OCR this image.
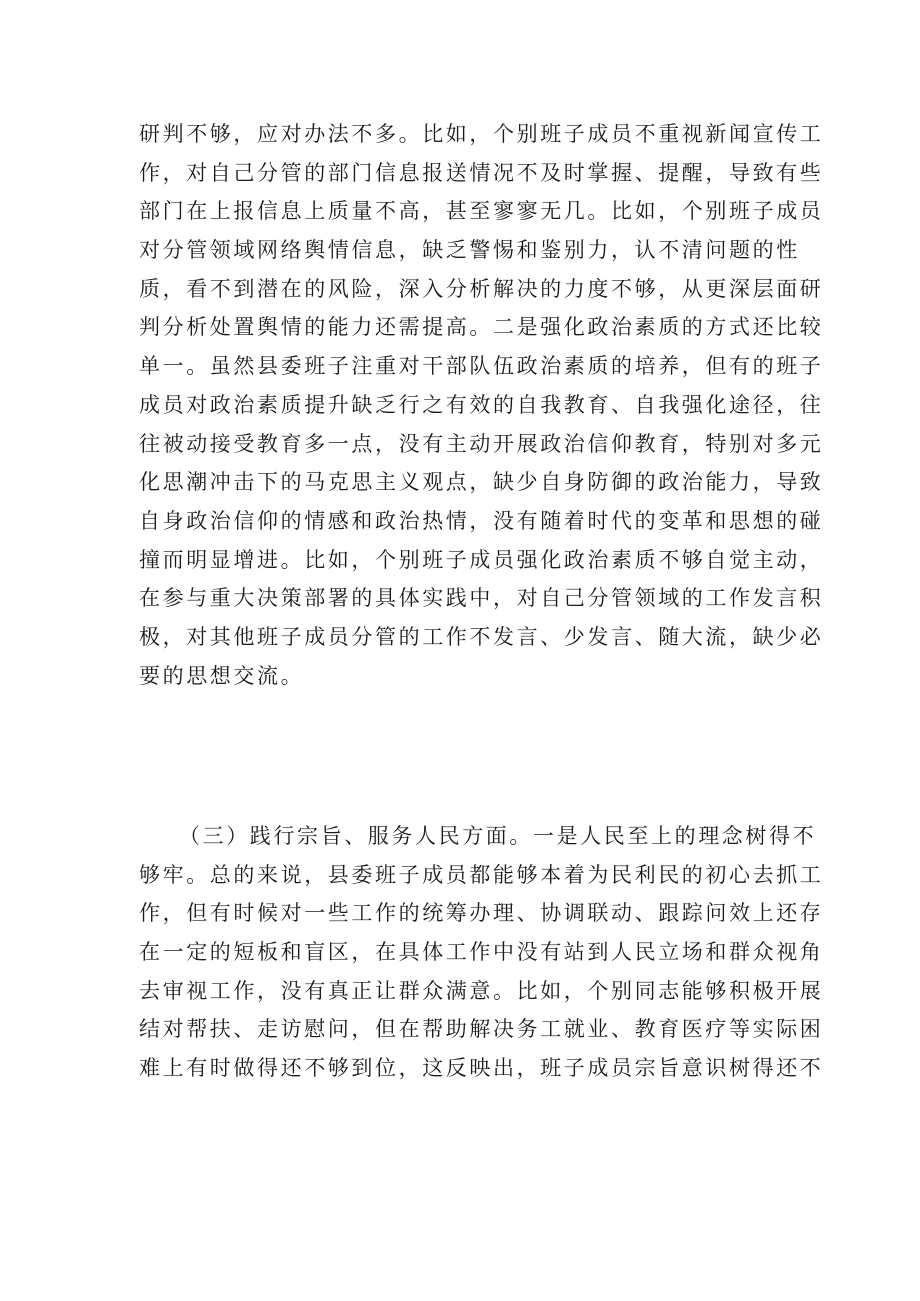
研判不够，应对办法不多。比如，个别班子成员不重视新闻宣传工
作，对自己分管的部门信息报送情况不及时掌握、提醒，导致有些
部门在上报信息上质量不高，甚至寥寥无几。比如，个别班子成员
对分管领域网络舆情信息，缺乏警惕和鉴别力，认不清问题的性
质，看不到潜在的风险，深入分析解决的力度不够，从更深层面研
判分析处置舆情的能力还需提高。二是强化政治素质的方式还比较
单一。虽然县委班子注重对干部队伍政治素质的培养，但有的班子
成员对政治素质提升缺乏行之有效的自我教育、自我强化途径，往
往被动接受教育多一点，没有主动开展政治信仰教育，特别对多元
化思潮冲击下的马克思主义观点，缺少自身防御的政治能力，导致
自身政治信仰的情感和政治热情，没有随着时代的变革和思想的碰
撞而明显增进。比如，个别班子成员强化政治素质不够自觉主动，
在参与重大决策部署的具体实践中，对自己分管领域的工作发言积
极，对其他班子成员分管的工作不发言、少发言、随大流，缺少必
要的思想交流。
（三）践行宗旨、服务人民方面。一是人民至上的理念树得不
够牢。总的来说，县委班子成员都能够本着为民利民的初心去抓工
作，但有时候对一些工作的统筹办理、协调联动、跟踪问效上还存
在一定的短板和盲区，在具体工作中没有站到人民立场和群众视角
去审视工作，没有真正让群众满意。比如，个别同志能够积极开展
结对帮扶、走访慰问，但在帮助解决务工就业、教育医疗等实际困
难上有时做得还不够到位，这反映出，班子成员宗旨意识树得还不
